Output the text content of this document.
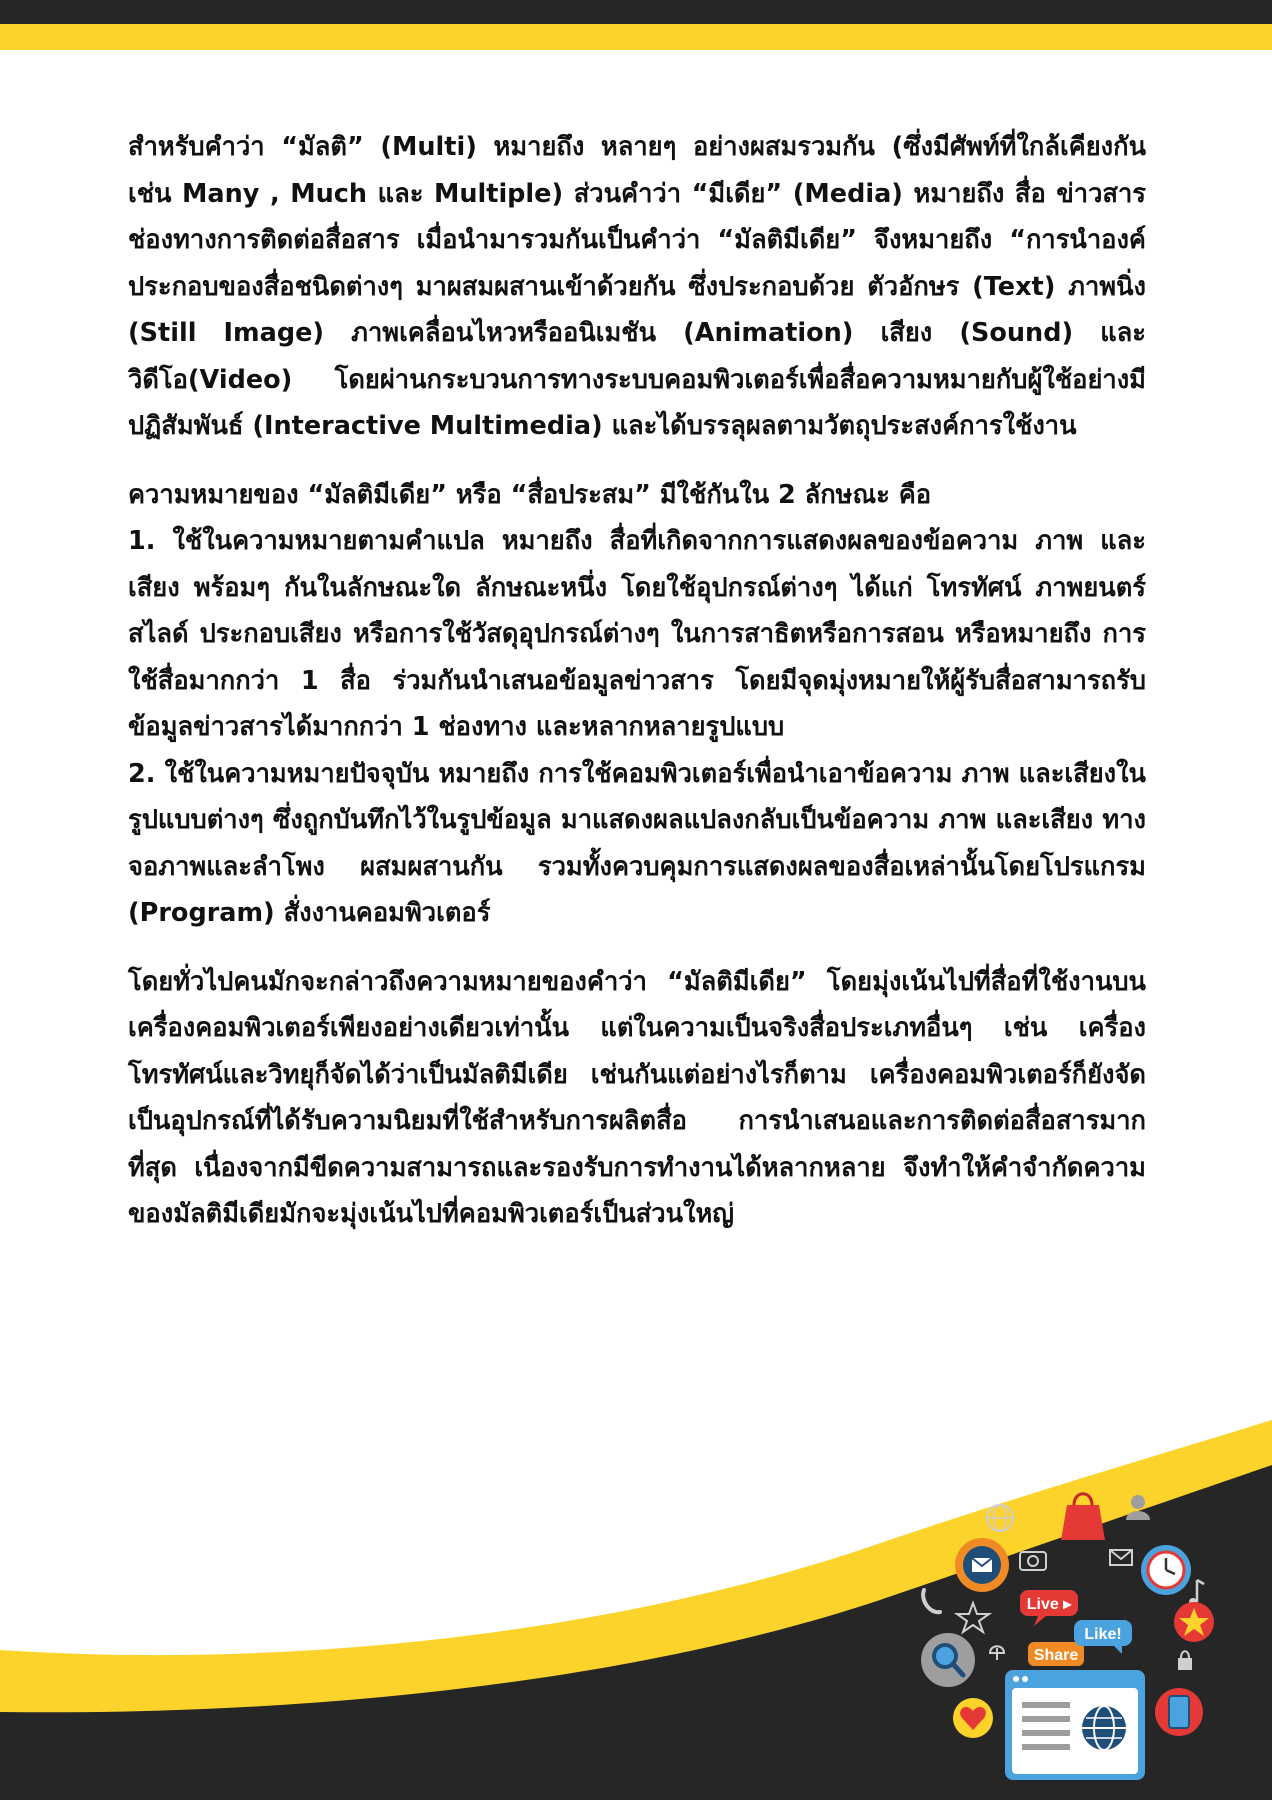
สำหรับคำว่า “มัลติ” (Multi) หมายถึง หลายๆ อย่างผสมรวมกัน (ซึ่งมีศัพท์ที่ใกล้เคียงกัน เช่น Many , Much และ Multiple) ส่วนคำว่า “มีเดีย” (Media) หมายถึง สื่อ ข่าวสาร ช่องทางการติดต่อสื่อสาร เมื่อนำมารวมกันเป็นคำว่า “มัลติมีเดีย” จึงหมายถึง “การนำองค์ประกอบของสื่อชนิดต่างๆ มาผสมผสานเข้าด้วยกัน ซึ่งประกอบด้วย ตัวอักษร (Text) ภาพนิ่ง (Still Image) ภาพเคลื่อนไหวหรืออนิเมชัน (Animation) เสียง (Sound) และวิดีโอ(Video) โดยผ่านกระบวนการทางระบบคอมพิวเตอร์เพื่อสื่อความหมายกับผู้ใช้อย่างมีปฏิสัมพันธ์ (Interactive Multimedia) และได้บรรลุผลตามวัตถุประสงค์การใช้งาน

ความหมายของ “มัลติมีเดีย” หรือ “สื่อประสม” มีใช้กันใน 2 ลักษณะ คือ

1. ใช้ในความหมายตามคำแปล หมายถึง สื่อที่เกิดจากการแสดงผลของข้อความ ภาพ และเสียง พร้อมๆ กันในลักษณะใด ลักษณะหนึ่ง โดยใช้อุปกรณ์ต่างๆ ได้แก่ โทรทัศน์ ภาพยนตร์ สไลด์ ประกอบเสียง หรือการใช้วัสดุอุปกรณ์ต่างๆ ในการสาธิตหรือการสอน หรือหมายถึง การใช้สื่อมากกว่า 1 สื่อ ร่วมกันนำเสนอข้อมูลข่าวสาร โดยมีจุดมุ่งหมายให้ผู้รับสื่อสามารถรับข้อมูลข่าวสารได้มากกว่า 1 ช่องทาง และหลากหลายรูปแบบ

2. ใช้ในความหมายปัจจุบัน หมายถึง การใช้คอมพิวเตอร์เพื่อนำเอาข้อความ ภาพ และเสียงในรูปแบบต่างๆ ซึ่งถูกบันทึกไว้ในรูปข้อมูล มาแสดงผลแปลงกลับเป็นข้อความ ภาพ และเสียง ทางจอภาพและลำโพง ผสมผสานกัน รวมทั้งควบคุมการแสดงผลของสื่อเหล่านั้นโดยโปรแกรม (Program) สั่งงานคอมพิวเตอร์

โดยทั่วไปคนมักจะกล่าวถึงความหมายของคำว่า “มัลติมีเดีย” โดยมุ่งเน้นไปที่สื่อที่ใช้งานบนเครื่องคอมพิวเตอร์เพียงอย่างเดียวเท่านั้น แต่ในความเป็นจริงสื่อประเภทอื่นๆ เช่น เครื่องโทรทัศน์และวิทยุก็จัดได้ว่าเป็นมัลติมีเดีย เช่นกันแต่อย่างไรก็ตาม เครื่องคอมพิวเตอร์ก็ยังจัดเป็นอุปกรณ์ที่ได้รับความนิยมที่ใช้สำหรับการผลิตสื่อ การนำเสนอและการติดต่อสื่อสารมากที่สุด เนื่องจากมีขีดความสามารถและรองรับการทำงานได้หลากหลาย จึงทำให้คำจำกัดความของมัลติมีเดียมักจะมุ่งเน้นไปที่คอมพิวเตอร์เป็นส่วนใหญ่

Live ▸
Share
Like!
